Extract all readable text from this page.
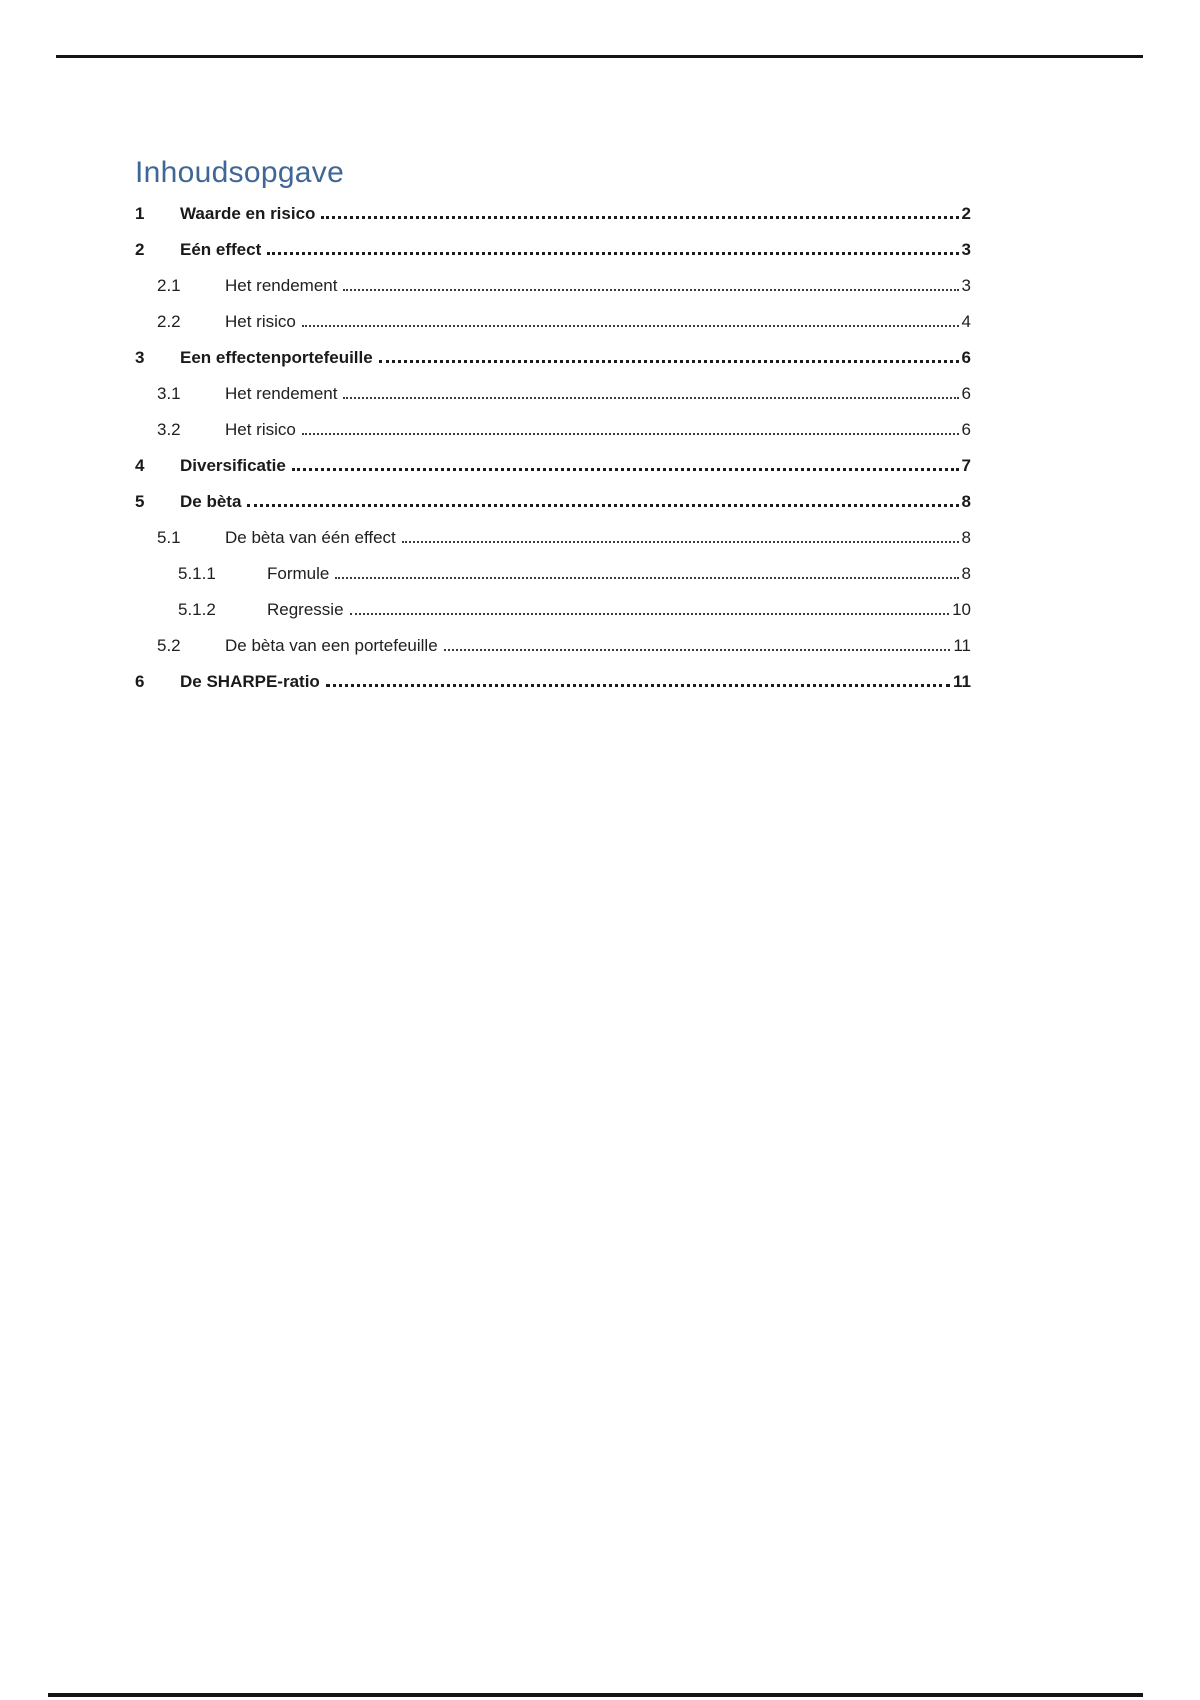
Inhoudsopgave
1	Waarde en risico	2
2	Eén effect	3
2.1	Het rendement	3
2.2	Het risico	4
3	Een effectenportefeuille	6
3.1	Het rendement	6
3.2	Het risico	6
4	Diversificatie	7
5	De bèta	8
5.1	De bèta van één effect	8
5.1.1	Formule	8
5.1.2	Regressie	10
5.2	De bèta van een portefeuille	11
6	De SHARPE-ratio	11
